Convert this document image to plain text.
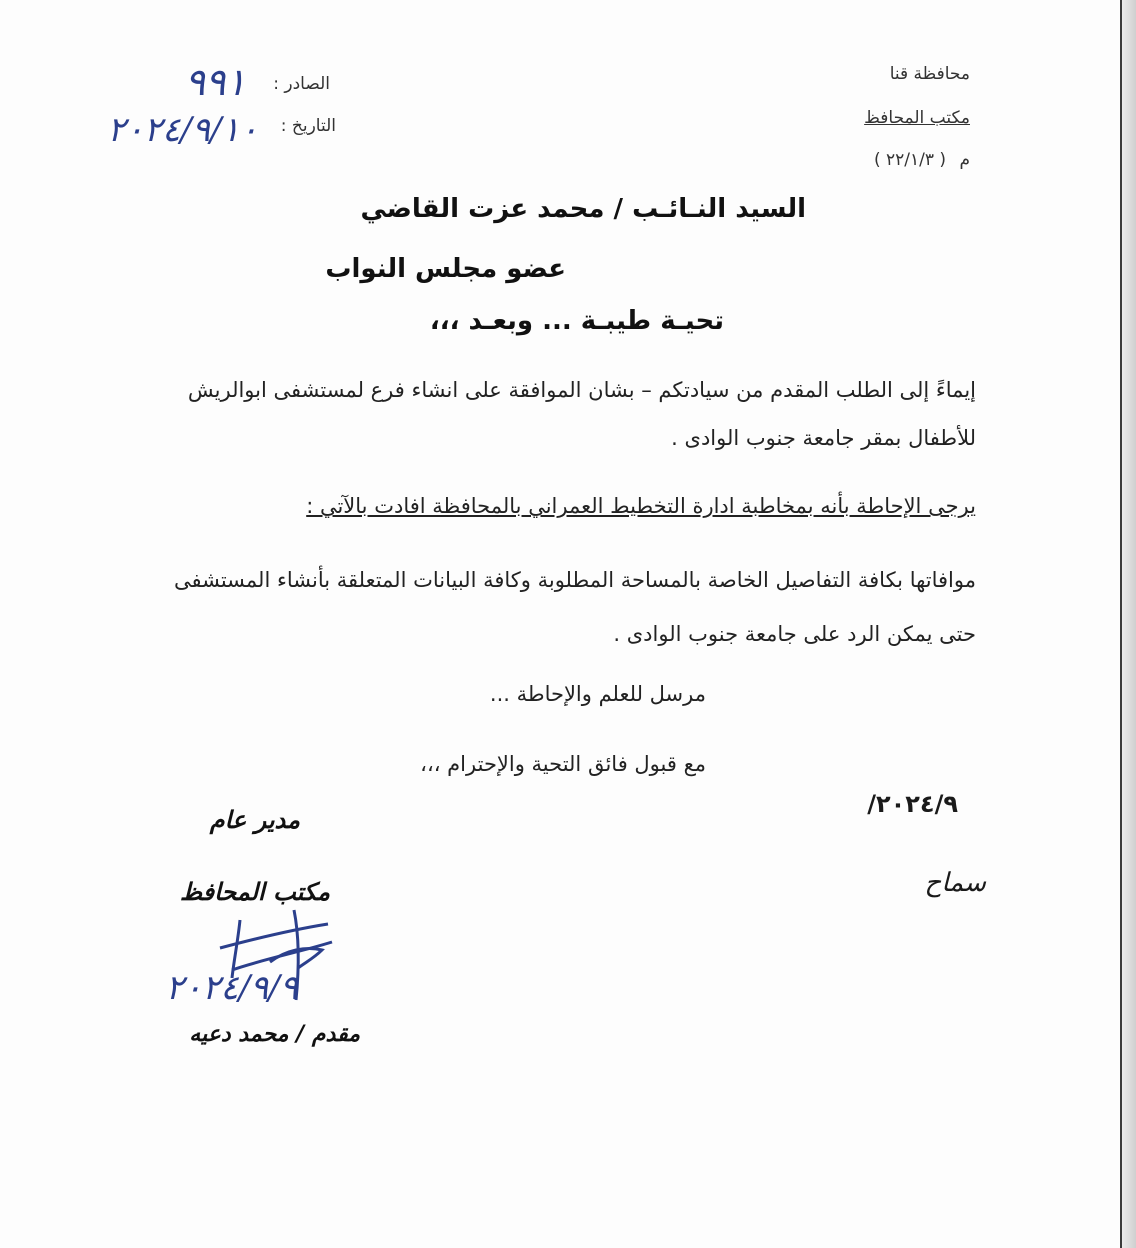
محافظة قنا
مكتب المحافظ
م ( ٢٢/١/٣ )
الصادر :
٩٩١
التاريخ :
٢٠٢٤/٩/١٠
السيد النـائـب / محمد عزت القاضي
عضو مجلس النواب
تحيـة طيبـة ... وبعـد ،،،
إيماءً إلى الطلب المقدم من سيادتكم – بشان الموافقة على انشاء فرع لمستشفى ابوالريش
للأطفال بمقر جامعة جنوب الوادى .
يرجى الإحاطة بأنه بمخاطبة ادارة التخطيط العمراني بالمحافظة افادت بالآتي :
موافاتها بكافة التفاصيل الخاصة بالمساحة المطلوبة وكافة البيانات المتعلقة بأنشاء المستشفى
حتى يمكن الرد على جامعة جنوب الوادى .
مرسل للعلم والإحاطة ...
مع قبول فائق التحية والإحترام ،،،
/٢٠٢٤/٩
سماح
مدير عام
مكتب المحافظ
٢٠٢٤/٩/٩
مقدم / محمد دعيه
